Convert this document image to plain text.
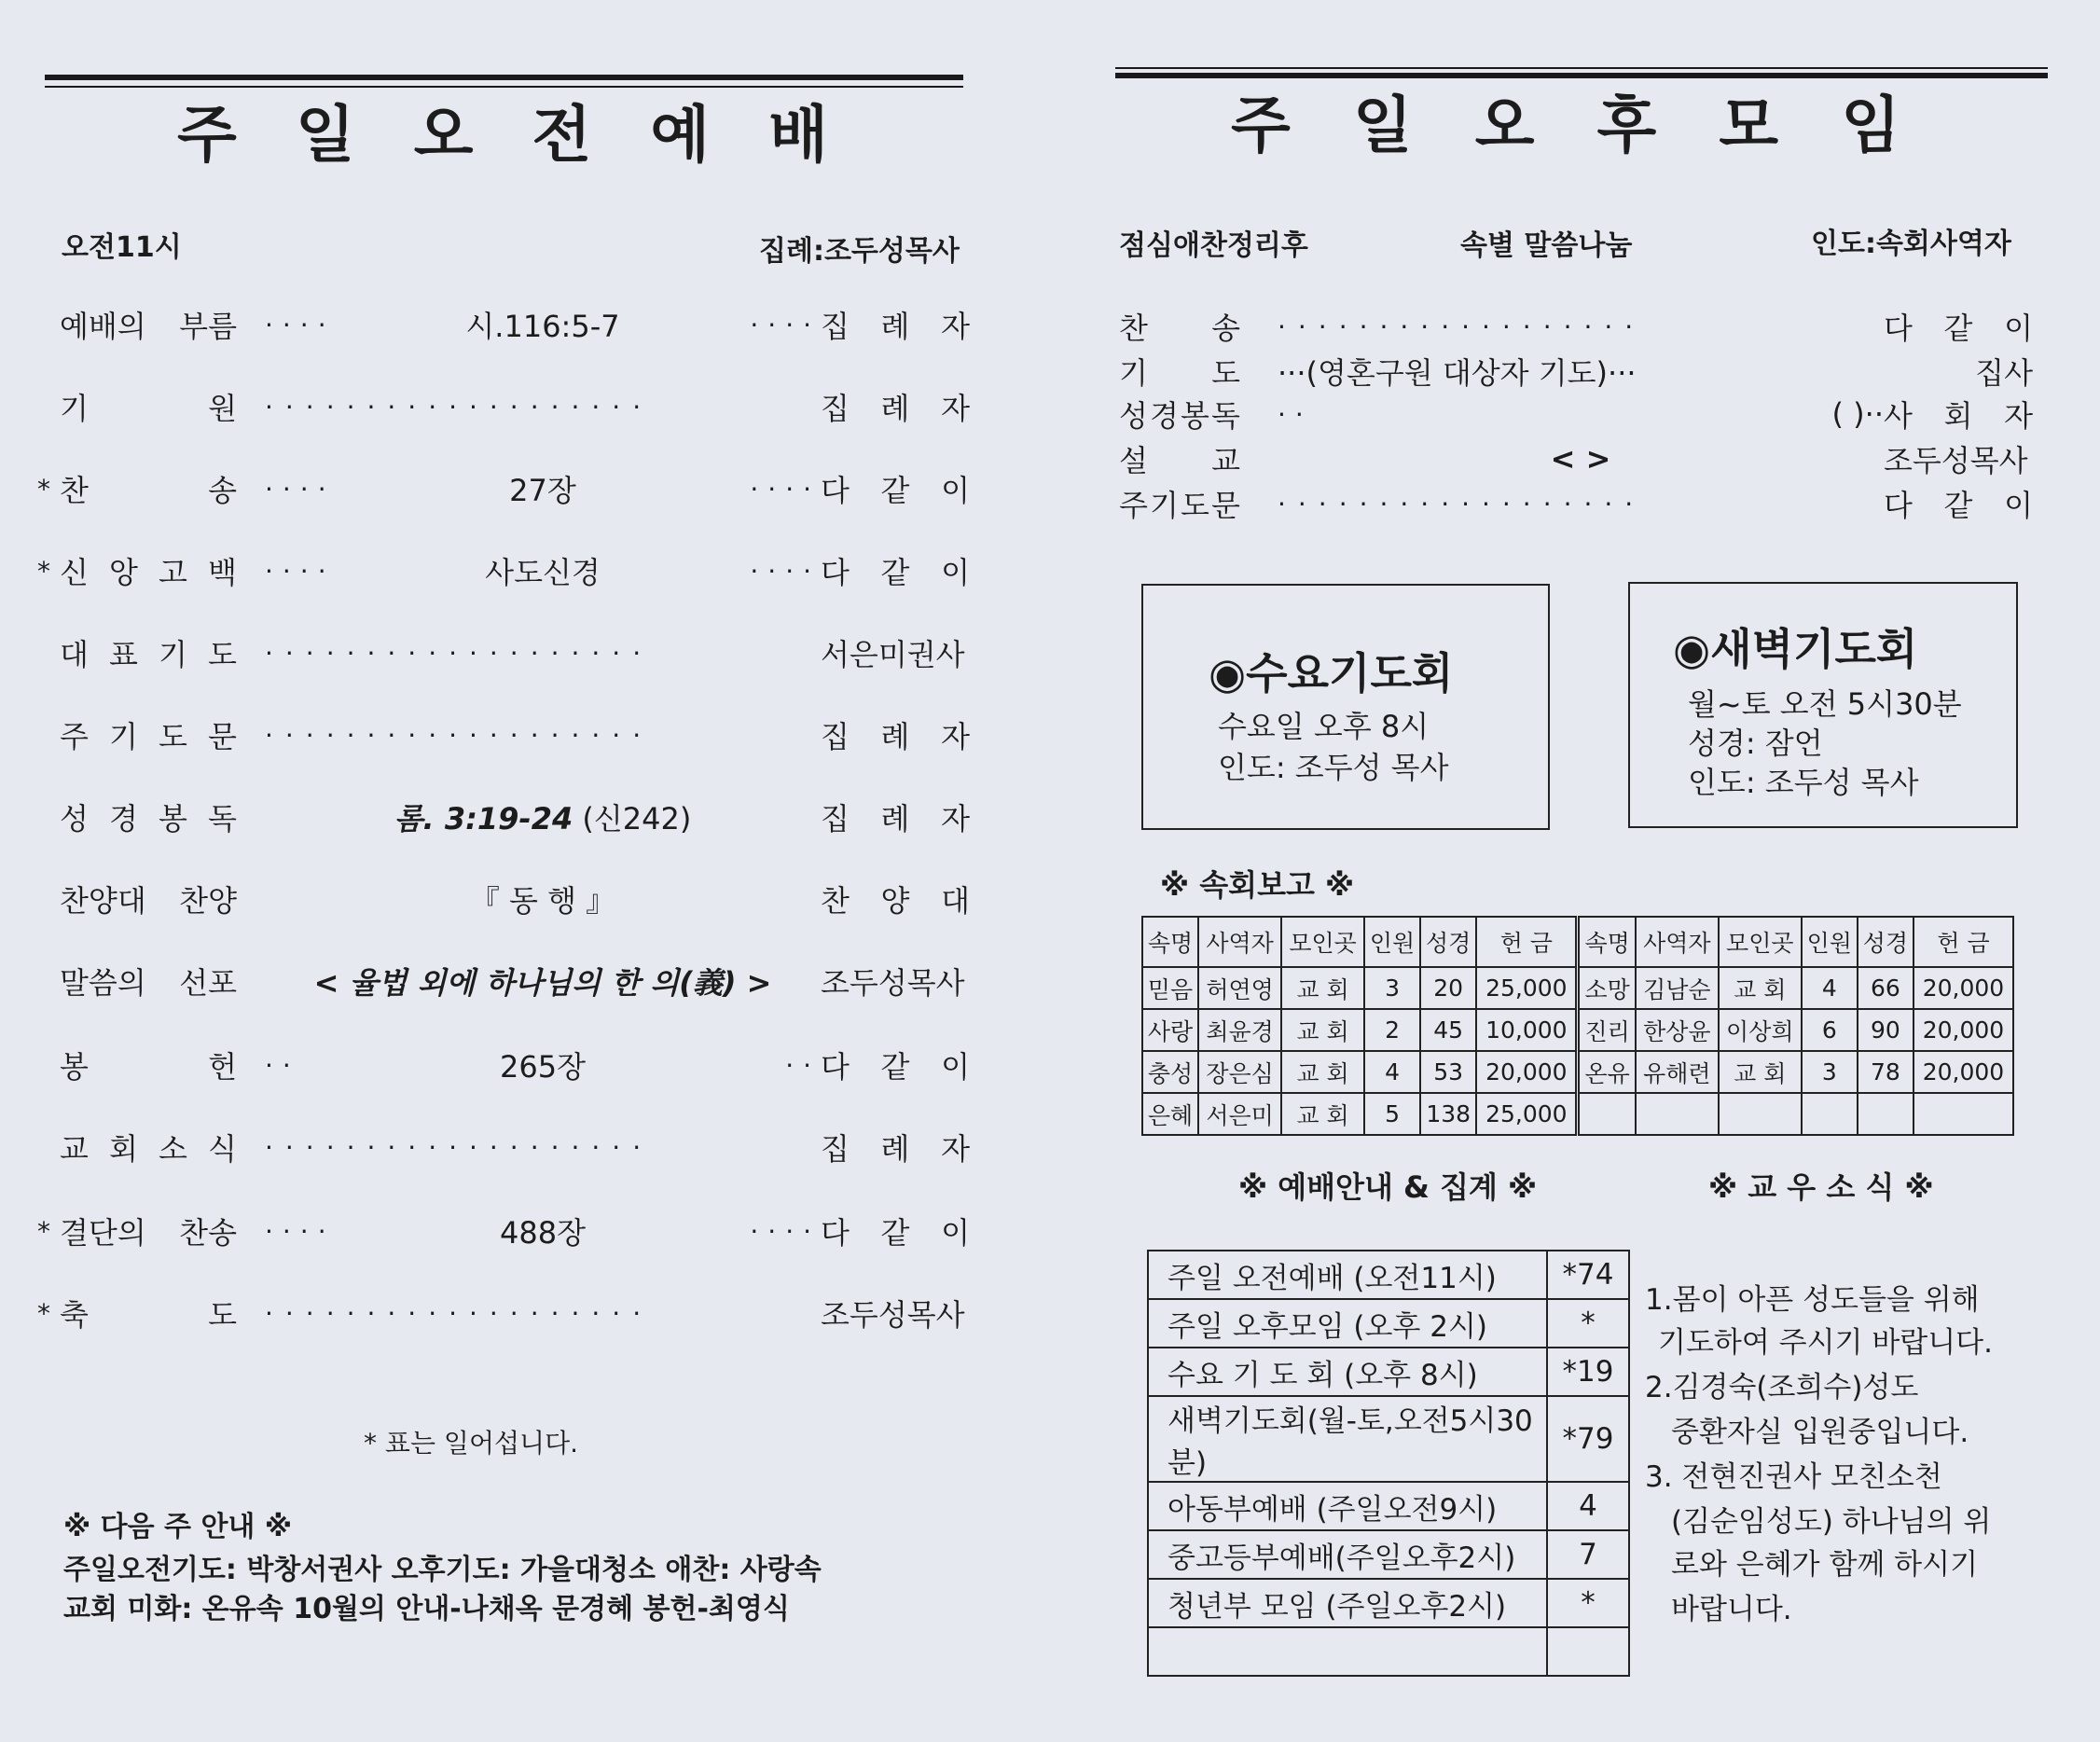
주 일 오 전 예 배
오전11시	집례:조두성목사
예배의 부름 ····	시.116:5-7	···· 집 례 자
기	원 ···················	집 례 자
* 찬	송 ····	27장	···· 다 같 이
* 신 앙 고 백 ····	사도신경	···· 다 같 이
대 표 기 도 ···················	서은미권사
주 기 도 문 ···················	집 례 자
성 경 봉 독	롬. 3:19-24 (신242)	집 례 자
찬양대 찬양	『 동 행 』	찬 양 대
말씀의 선포	< 율법 외에 하나님의 한 의(義) >	조두성목사
봉	헌 ··	265장	·· 다 같 이
교 회 소 식 ···················	집 례 자
* 결단의 찬송 ····	488장	···· 다 같 이
* 축	도 ···················	조두성목사
* 표는 일어섭니다.
※ 다음 주 안내 ※
주일오전기도: 박창서권사 오후기도: 가을대청소 애찬: 사랑속
교회 미화: 온유속 10월의 안내-나채옥 문경혜 봉헌-최영식
주 일 오 후 모 임
점심애찬정리후	속별 말씀나눔	인도:속회사역자
찬 송 ··················	다 같 이
기 도 ···(영혼구원 대상자 기도)···	집사
성 경 봉 독 ··	( )·· 사 회 자
설 교	< >	조두성목사
주 기 도 문 ··················	다 같 이
◉수요기도회
수요일 오후 8시
인도: 조두성 목사
◉새벽기도회
월~토 오전 5시30분
성경: 잠언
인도: 조두성 목사
※ 속회보고 ※
속명	사역자	모인곳	인원	성경	헌 금	속명	사역자	모인곳	인원	성경	헌 금
믿음	허연영	교 회	3	20	25,000	소망	김남순	교 회	4	66	20,000
사랑	최윤경	교 회	2	45	10,000	진리	한상윤	이상희	6	90	20,000
충성	장은심	교 회	4	53	20,000	온유	유해련	교 회	3	78	20,000
은혜	서은미	교 회	5	138	25,000						
※ 예배안내 & 집계 ※	※ 교 우 소 식 ※
주일 오전예배 (오전11시)	*74
주일 오후모임 (오후 2시)	*
수요 기 도 회 (오후 8시)	*19
새벽기도회(월-토,오전5시30분)	*79
아동부예배 (주일오전9시)	4
중고등부예배(주일오후2시)	7
청년부 모임 (주일오후2시)	*

1.몸이 아픈 성도들을 위해
기도하여 주시기 바랍니다.
2.김경숙(조희수)성도
중환자실 입원중입니다.
3. 전현진권사 모친소천
(김순임성도) 하나님의 위
로와 은혜가 함께 하시기
바랍니다.
